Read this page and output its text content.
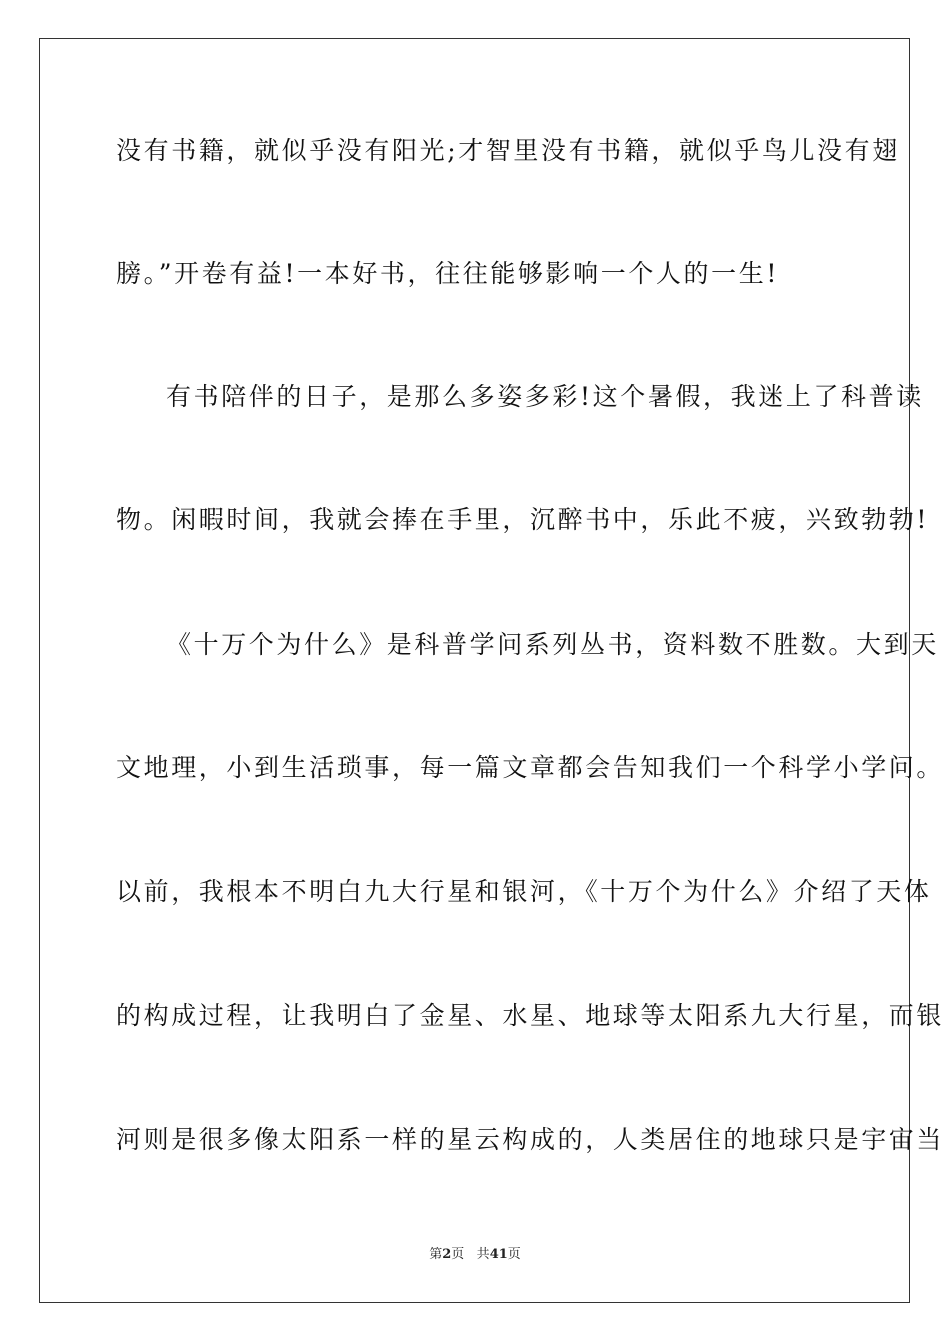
没有书籍，就似乎没有阳光;才智里没有书籍，就似乎鸟儿没有翅
膀。”开卷有益!一本好书，往往能够影响一个人的一生!
有书陪伴的日子，是那么多姿多彩!这个暑假，我迷上了科普读
物。闲暇时间，我就会捧在手里，沉醉书中，乐此不疲，兴致勃勃!
《十万个为什么》是科普学问系列丛书，资料数不胜数。大到天
文地理，小到生活琐事，每一篇文章都会告知我们一个科学小学问。
以前，我根本不明白九大行星和银河，《十万个为什么》介绍了天体
的构成过程，让我明白了金星、水星、地球等太阳系九大行星，而银
河则是很多像太阳系一样的星云构成的，人类居住的地球只是宇宙当
第2页 共41页
